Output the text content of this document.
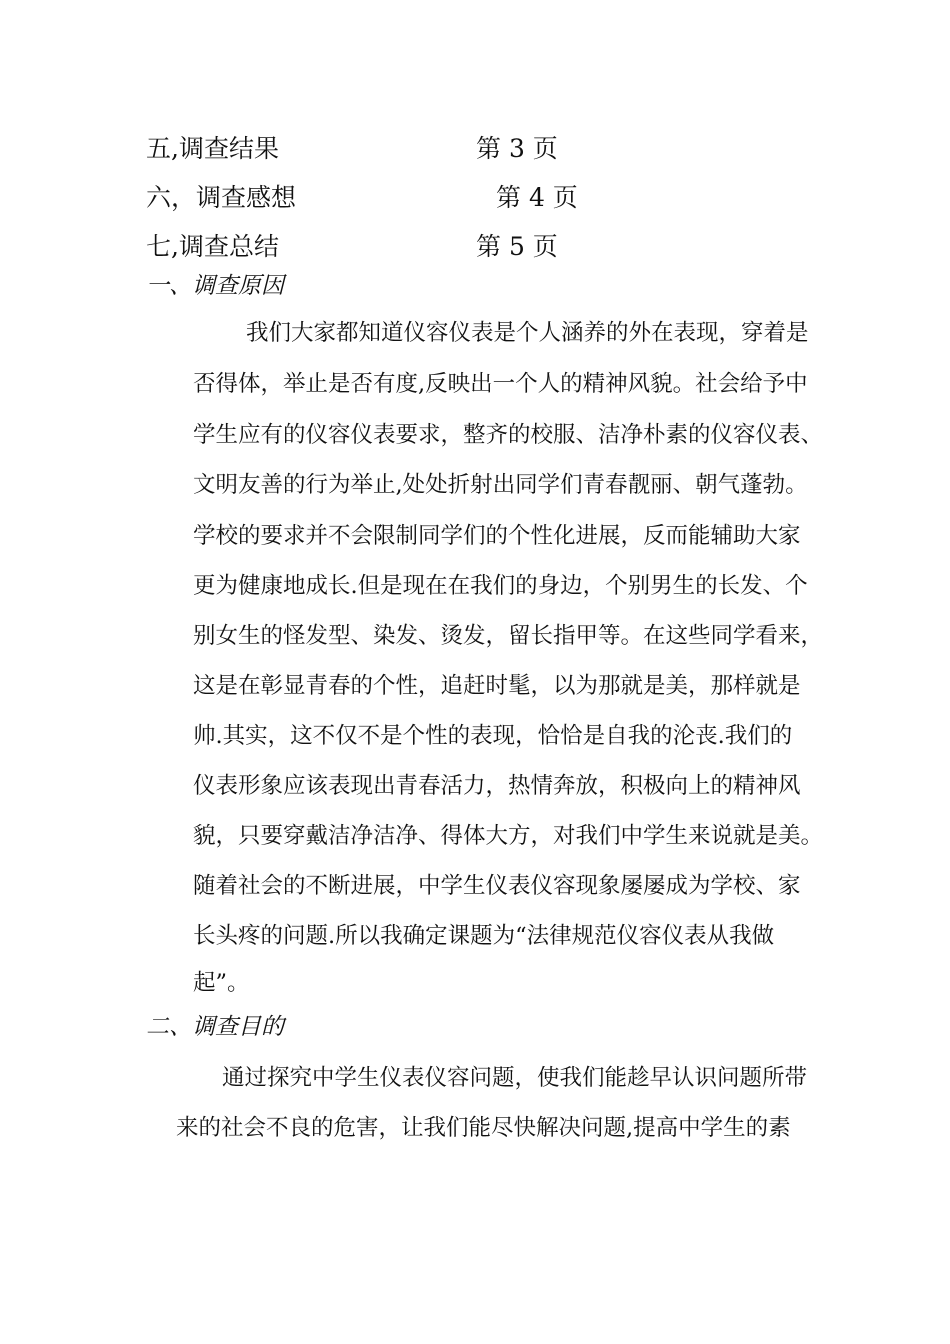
五,调查结果	第 3 页
六，调查感想	第 4 页
七,调查总结	第 5 页
一、调查原因
我们大家都知道仪容仪表是个人涵养的外在表现，穿着是
否得体，举止是否有度,反映出一个人的精神风貌。社会给予中
学生应有的仪容仪表要求，整齐的校服、洁净朴素的仪容仪表、
文明友善的行为举止,处处折射出同学们青春靓丽、朝气蓬勃。
学校的要求并不会限制同学们的个性化进展，反而能辅助大家
更为健康地成长.但是现在在我们的身边，个别男生的长发、个
别女生的怪发型、染发、烫发，留长指甲等。在这些同学看来，
这是在彰显青春的个性，追赶时髦，以为那就是美，那样就是
帅.其实，这不仅不是个性的表现，恰恰是自我的沦丧.我们的
仪表形象应该表现出青春活力，热情奔放，积极向上的精神风
貌，只要穿戴洁净洁净、得体大方，对我们中学生来说就是美。
随着社会的不断进展，中学生仪表仪容现象屡屡成为学校、家
长头疼的问题.所以我确定课题为“法律规范仪容仪表从我做
起”。
二、调查目的
通过探究中学生仪表仪容问题，使我们能趁早认识问题所带
来的社会不良的危害，让我们能尽快解决问题,提高中学生的素
